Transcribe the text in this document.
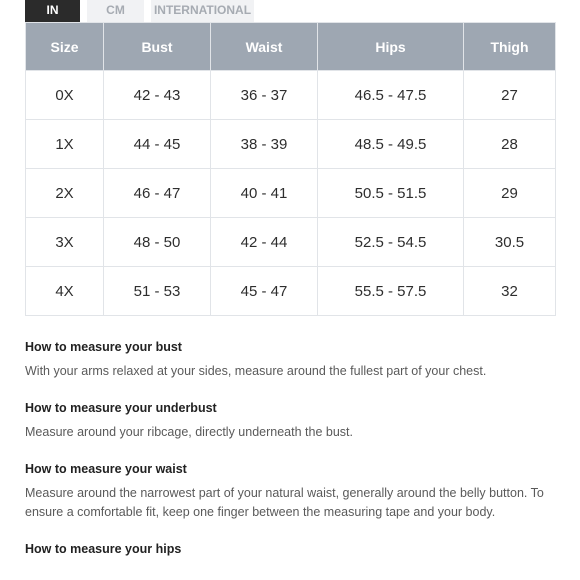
IN	CM	INTERNATIONAL
Size	Bust	Waist	Hips	Thigh
0X	42 - 43	36 - 37	46.5 - 47.5	27
1X	44 - 45	38 - 39	48.5 - 49.5	28
2X	46 - 47	40 - 41	50.5 - 51.5	29
3X	48 - 50	42 - 44	52.5 - 54.5	30.5
4X	51 - 53	45 - 47	55.5 - 57.5	32
How to measure your bust

With your arms relaxed at your sides, measure around the fullest part of your chest.

How to measure your underbust

Measure around your ribcage, directly underneath the bust.

How to measure your waist

Measure around the narrowest part of your natural waist, generally around the belly button. To ensure a comfortable fit, keep one finger between the measuring tape and your body.

How to measure your hips
